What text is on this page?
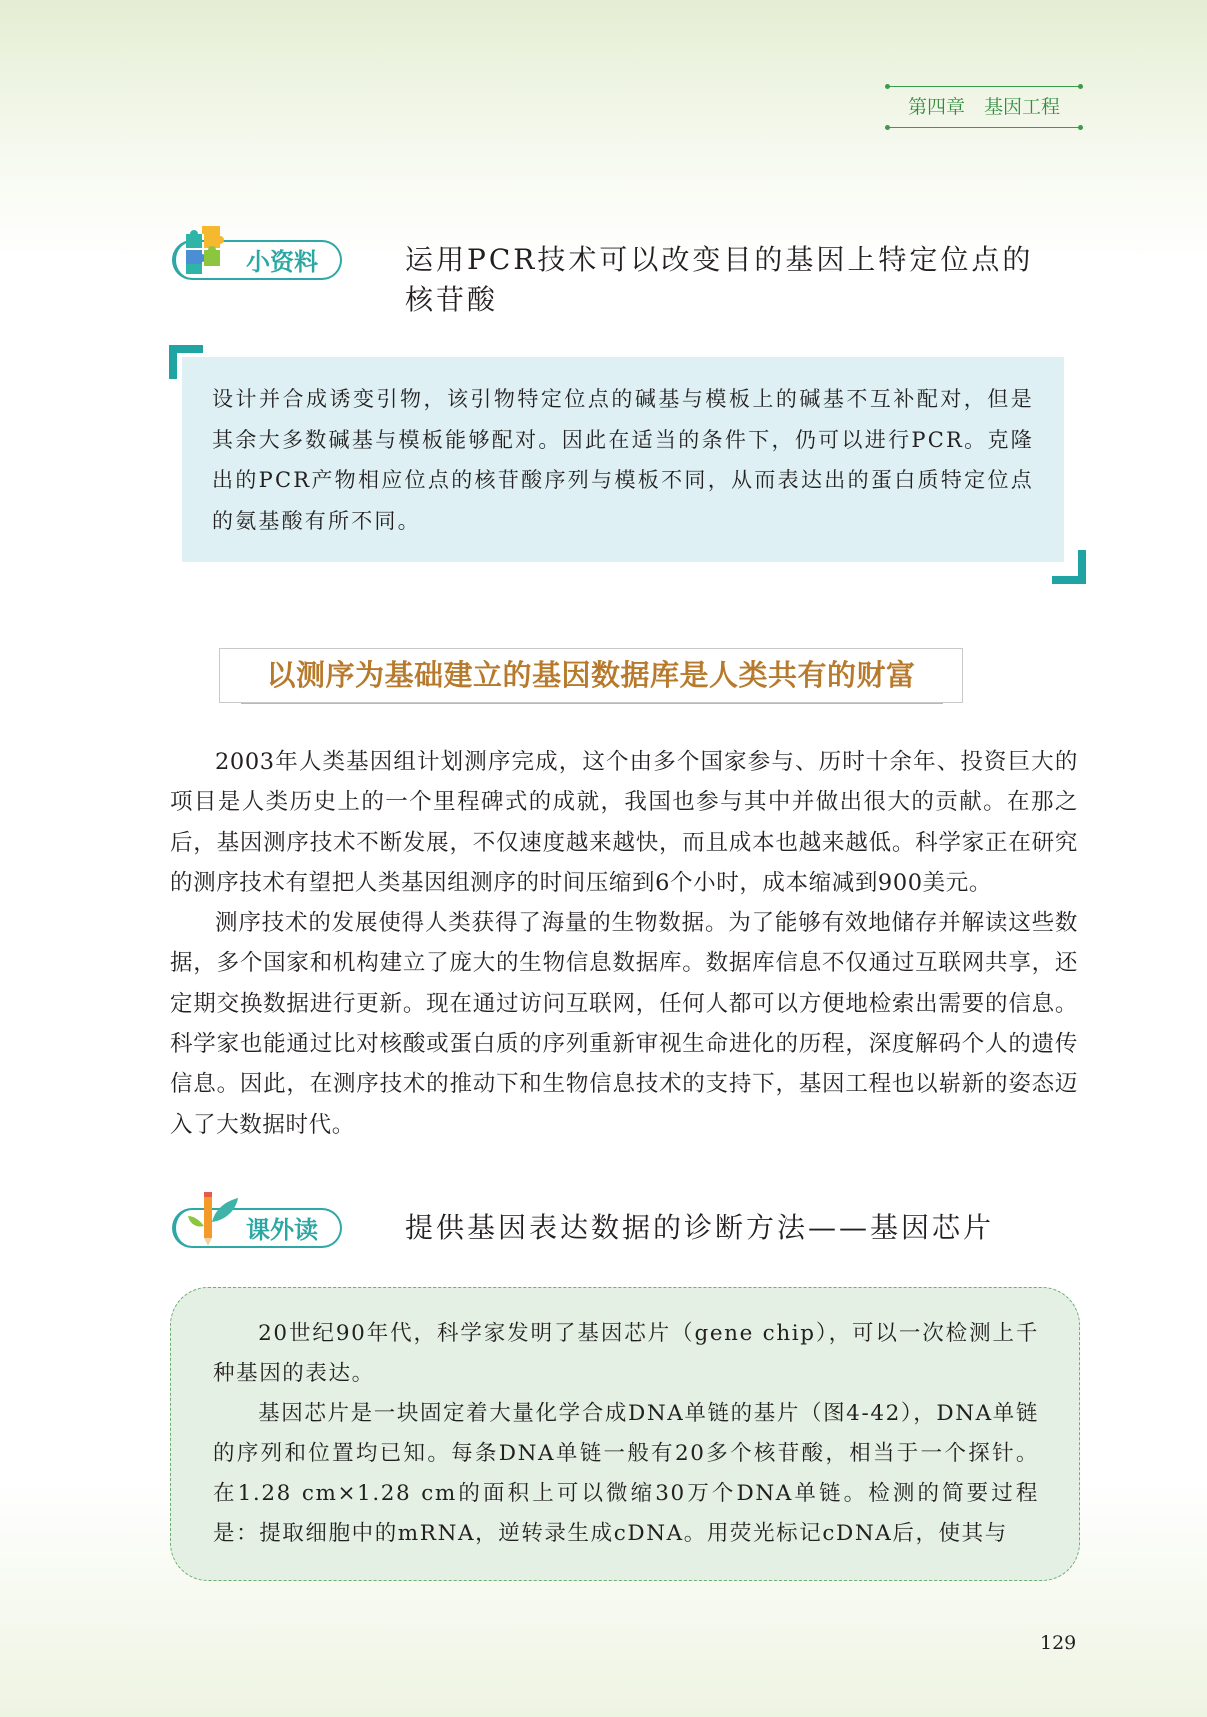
第四章　基因工程
小资料	运用PCR技术可以改变目的基因上特定位点的
核苷酸

设计并合成诱变引物，该引物特定位点的碱基与模板上的碱基不互补配对，但是其余大多数碱基与模板能够配对。因此在适当的条件下，仍可以进行PCR。克隆出的PCR产物相应位点的核苷酸序列与模板不同，从而表达出的蛋白质特定位点的氨基酸有所不同。

以测序为基础建立的基因数据库是人类共有的财富

2003年人类基因组计划测序完成，这个由多个国家参与、历时十余年、投资巨大的项目是人类历史上的一个里程碑式的成就，我国也参与其中并做出很大的贡献。在那之后，基因测序技术不断发展，不仅速度越来越快，而且成本也越来越低。科学家正在研究的测序技术有望把人类基因组测序的时间压缩到6个小时，成本缩减到900美元。

测序技术的发展使得人类获得了海量的生物数据。为了能够有效地储存并解读这些数据，多个国家和机构建立了庞大的生物信息数据库。数据库信息不仅通过互联网共享，还定期交换数据进行更新。现在通过访问互联网，任何人都可以方便地检索出需要的信息。科学家也能通过比对核酸或蛋白质的序列重新审视生命进化的历程，深度解码个人的遗传信息。因此，在测序技术的推动下和生物信息技术的支持下，基因工程也以崭新的姿态迈入了大数据时代。

课外读	提供基因表达数据的诊断方法——基因芯片

20世纪90年代，科学家发明了基因芯片（gene chip），可以一次检测上千种基因的表达。

基因芯片是一块固定着大量化学合成DNA单链的基片（图4-42），DNA单链的序列和位置均已知。每条DNA单链一般有20多个核苷酸，相当于一个探针。在1.28 cm×1.28 cm的面积上可以微缩30万个DNA单链。检测的简要过程是：提取细胞中的mRNA，逆转录生成cDNA。用荧光标记cDNA后，使其与

129
